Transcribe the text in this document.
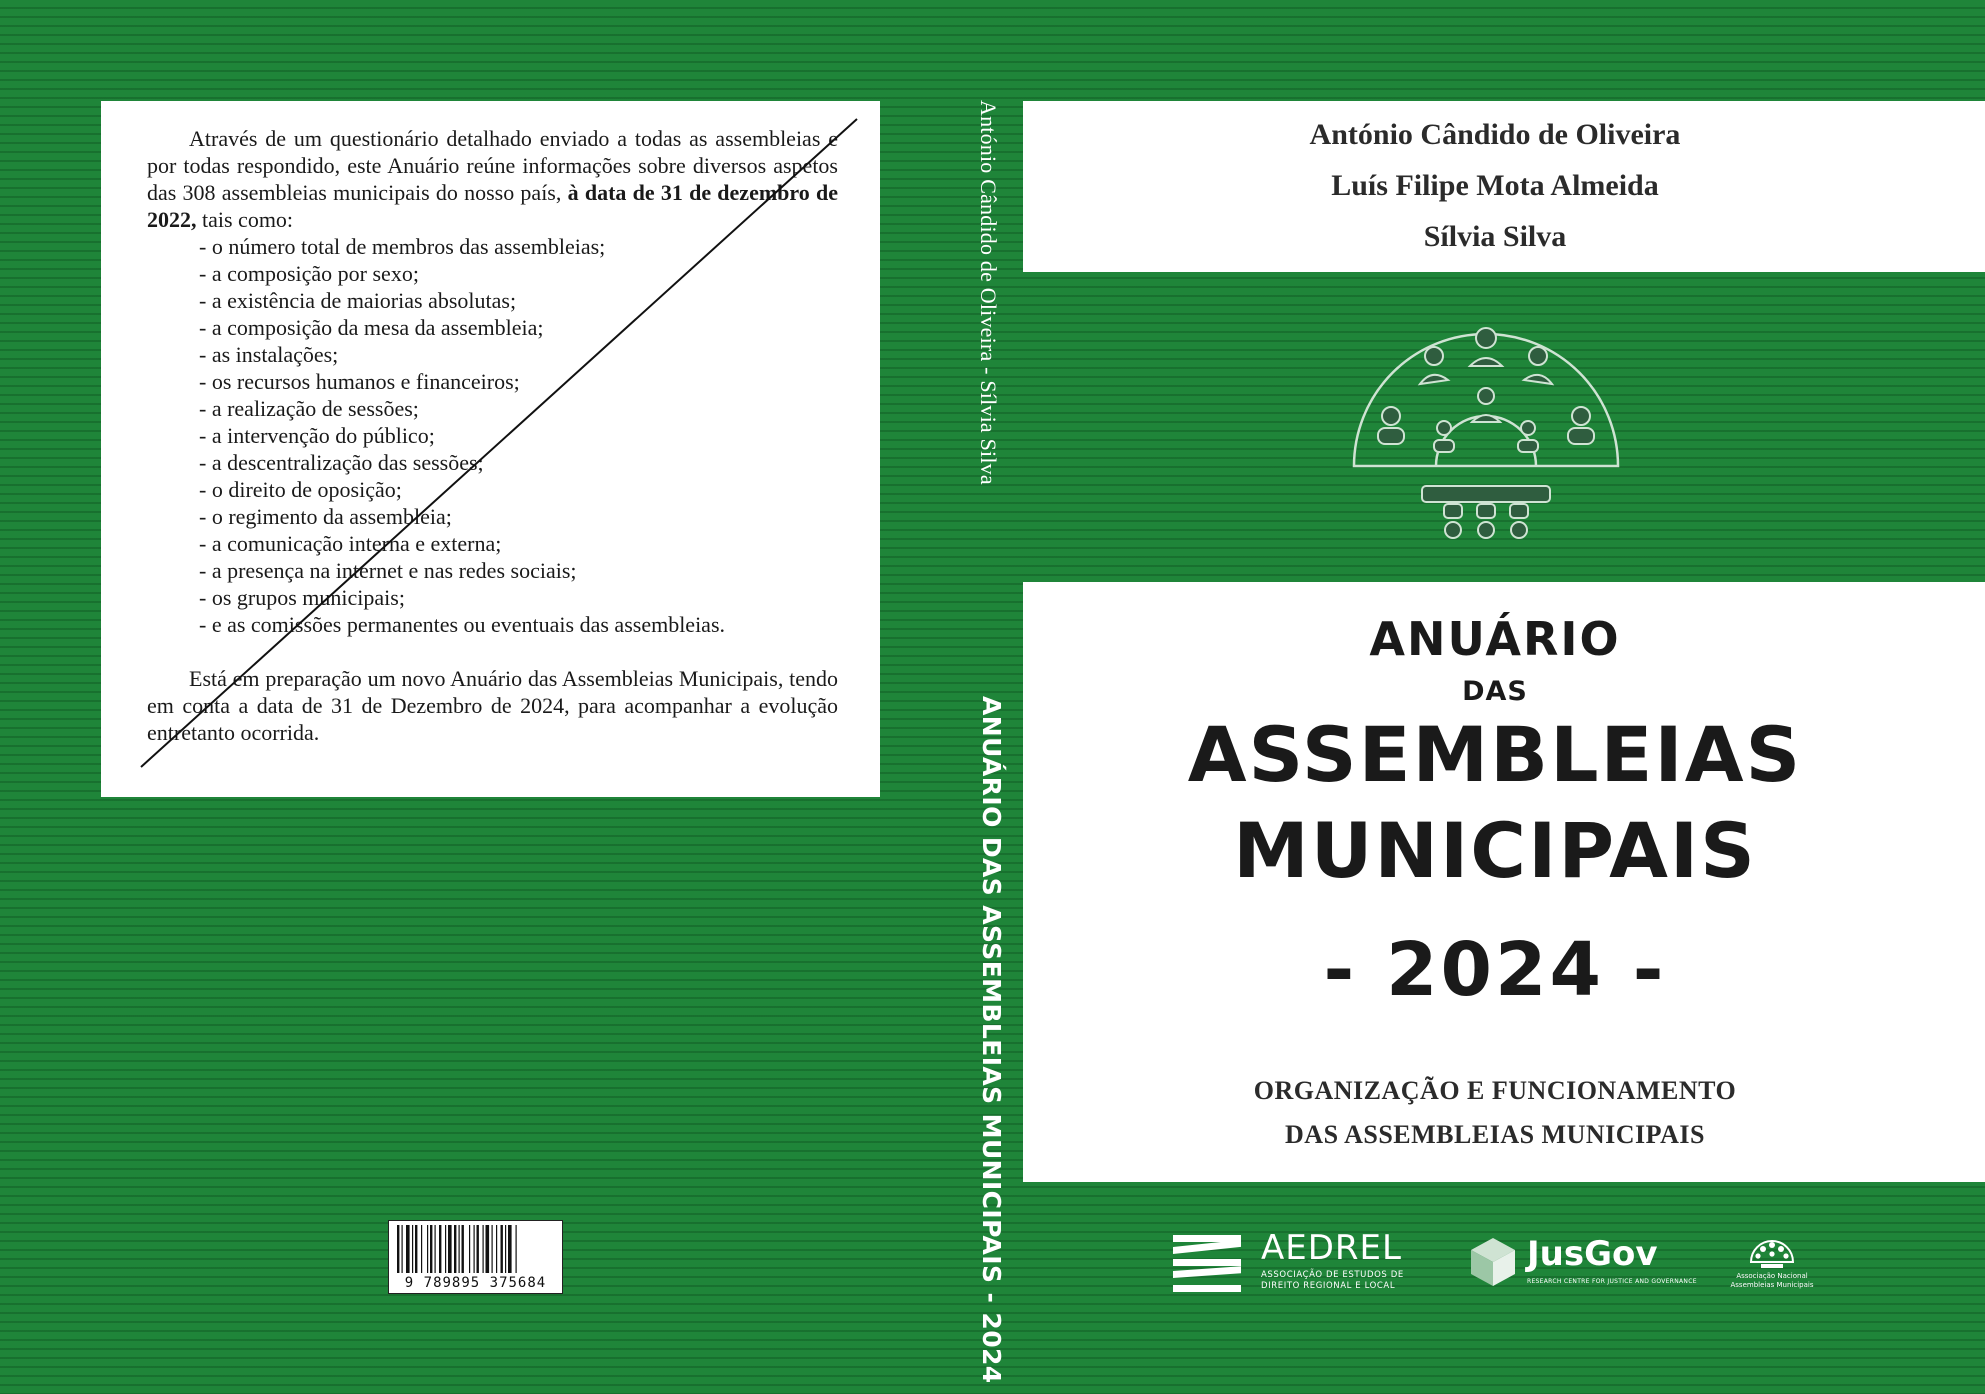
Através de um questionário detalhado enviado a todas as assembleias e por todas respondido, este Anuário reúne informações sobre diversos aspetos das 308 assembleias municipais do nosso país, à data de 31 de dezembro de 2022, tais como:

- o número total de membros das assembleias;
- a composição por sexo;
- a existência de maiorias absolutas;
- a composição da mesa da assembleia;
- as instalações;
- os recursos humanos e financeiros;
- a realização de sessões;
- a intervenção do público;
- a descentralização das sessões;
- o direito de oposição;
- o regimento da assembleia;
- a comunicação interna e externa;
- a presença na internet e nas redes sociais;
- os grupos municipais;
- e as comissões permanentes ou eventuais das assembleias.

Está em preparação um novo Anuário das Assembleias Municipais, tendo em conta a data de 31 de Dezembro de 2024, para acompanhar a evolução entretanto ocorrida.

9 789895 375684
António Cândido de Oliveira - Sílvia Silva
ANUÁRIO DAS ASSEMBLEIAS MUNICIPAIS - 2024
António Cândido de Oliveira
Luís Filipe Mota Almeida
Sílvia Silva
ANUÁRIO
DAS
ASSEMBLEIAS
MUNICIPAIS
- 2024 -
ORGANIZAÇÃO E FUNCIONAMENTO
DAS ASSEMBLEIAS MUNICIPAIS
AEDREL
ASSOCIAÇÃO DE ESTUDOS DE
DIREITO REGIONAL E LOCAL
JusGov
RESEARCH CENTRE FOR JUSTICE AND GOVERNANCE
Associação Nacional
Assembleias Municipais
